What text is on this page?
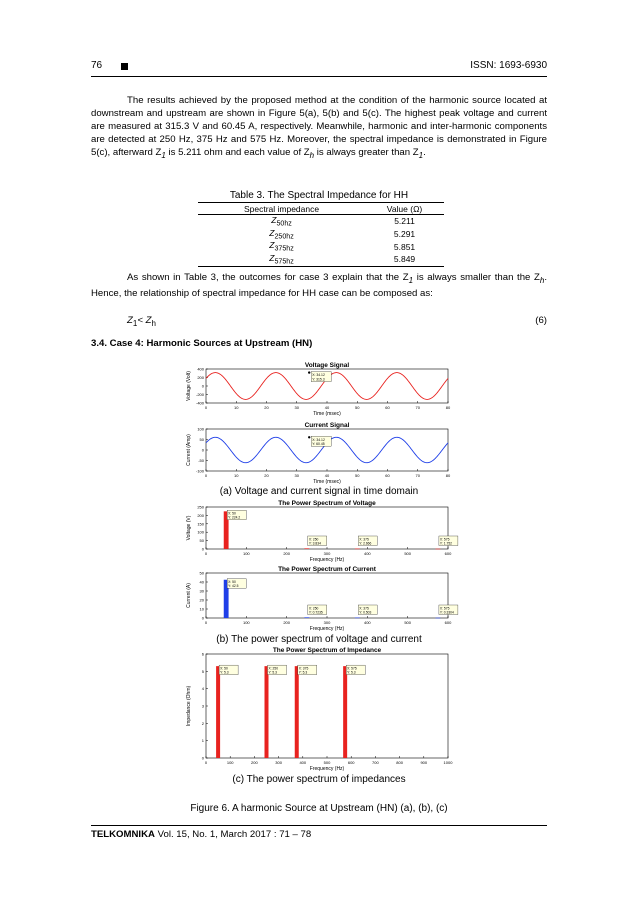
76	ISSN: 1693-6930
The results achieved by the proposed method at the condition of the harmonic source located at downstream and upstream are shown in Figure 5(a), 5(b) and 5(c). The highest peak voltage and current are measured at 315.3 V and 60.45 A, respectively. Meanwhile, harmonic and inter-harmonic components are detected at 250 Hz, 375 Hz and 575 Hz. Moreover, the spectral impedance is demonstrated in Figure 5(c), afterward $Z_1$ is 5.211 ohm and each value of $Z_h$ is always greater than $Z_1$.
Table 3. The Spectral Impedance for HH
Spectral impedance	Value (Ω)
$Z_{50hz}$	5.211
$Z_{250hz}$	5.291
$Z_{375hz}$	5.851
$Z_{575hz}$	5.849
As shown in Table 3, the outcomes for case 3 explain that the $Z_1$ is always smaller than the $Z_h$. Hence, the relationship of spectral impedance for HH case can be composed as:
$Z_1< Z_h$	(6)
3.4. Case 4: Harmonic Sources at Upstream (HN)
Voltage Signal
0	10	20	30	40	50	60	70	80
-400
-200
0
200
400
Time (msec)
Voltage (Volt)	X: 34.12
Y: 315.3
Current Signal
0	10	20	30	40	50	60	70	80
-100
-50
0
50
100
Time (msec)
Current (Amp)	X: 34.12
Y: 60.45
(a) Voltage and current signal in time domain
The Power Spectrum of Voltage
0	100	200	300	400	500	600
0
50
100
150
200
250
Frequency (Hz)
Voltage (V)
X: 50
Y: 224.2
X: 250
Y: 3.834
X: 375
Y: 2.666
X: 575
Y: 1.752
The Power Spectrum of Current
0	100	200	300	400	500	600
0
10
20
30
40
50
Frequency (Hz)
Current (A)
X: 50
Y: 42.5
X: 250
Y: 0.7235
X: 375
Y: 0.503
X: 575
Y: 0.3304
(b) The power spectrum of voltage and current
The Power Spectrum of Impedance
0	100	200	300	400	500	600	700	800	900	1000
0
1
2
3
4
5
6
Frequency (Hz)
Impedance (Ohm)
X: 50
Y: 5.3
X: 250
Y: 5.3
X: 375
Y: 5.3
X: 575
Y: 5.3
(c) The power spectrum of impedances
Figure 6. A harmonic Source at Upstream (HN) (a), (b), (c)
TELKOMNIKA Vol. 15, No. 1, March 2017 : 71 – 78
